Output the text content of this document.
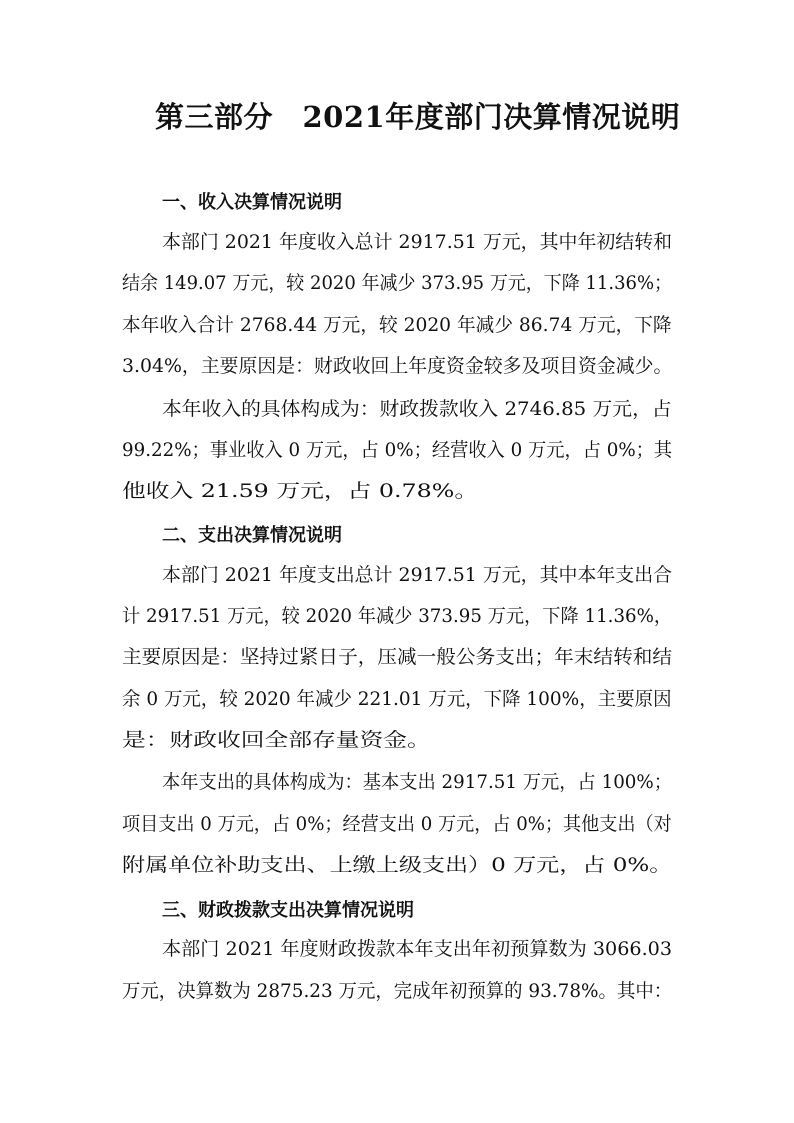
第三部分　2021年度部门决算情况说明
一、收入决算情况说明
本部门 2021 年度收入总计 2917.51 万元，其中年初结转和
结余 149.07 万元，较 2020 年减少 373.95 万元，下降 11.36%；
本年收入合计 2768.44 万元，较 2020 年减少 86.74 万元，下降
3.04%，主要原因是：财政收回上年度资金较多及项目资金减少。
本年收入的具体构成为：财政拨款收入 2746.85 万元，占
99.22%；事业收入 0 万元，占 0%；经营收入 0 万元，占 0%；其
他收入 21.59 万元，占 0.78%。
二、支出决算情况说明
本部门 2021 年度支出总计 2917.51 万元，其中本年支出合
计 2917.51 万元，较 2020 年减少 373.95 万元，下降 11.36%，
主要原因是：坚持过紧日子，压减一般公务支出；年末结转和结
余 0 万元，较 2020 年减少 221.01 万元，下降 100%，主要原因
是：财政收回全部存量资金。
本年支出的具体构成为：基本支出 2917.51 万元，占 100%；
项目支出 0 万元，占 0%；经营支出 0 万元，占 0%；其他支出（对
附属单位补助支出、上缴上级支出）0 万元，占 0%。
三、财政拨款支出决算情况说明
本部门 2021 年度财政拨款本年支出年初预算数为 3066.03
万元，决算数为 2875.23 万元，完成年初预算的 93.78%。其中：
